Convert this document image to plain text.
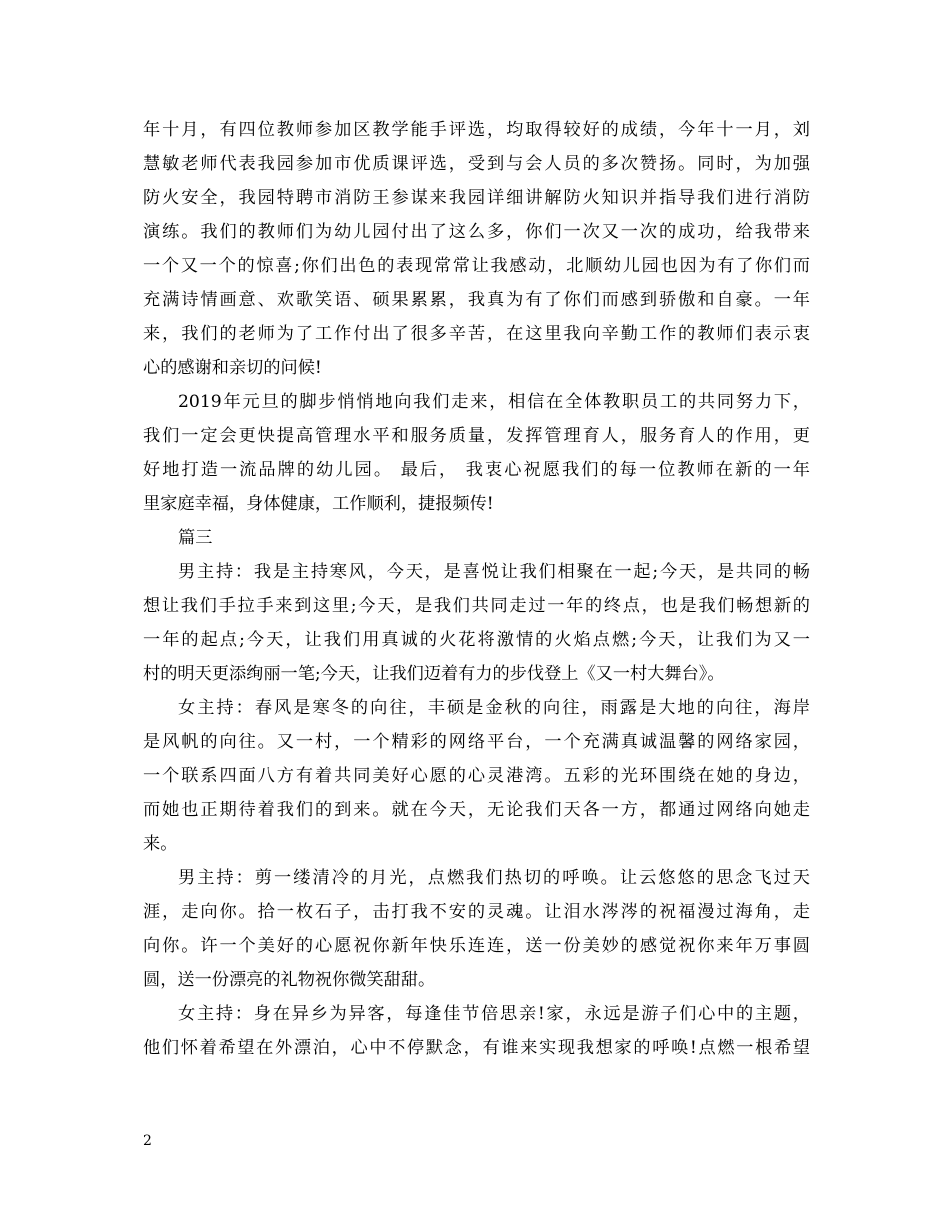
年十月，有四位教师参加区教学能手评选，均取得较好的成绩，今年十一月，刘
慧敏老师代表我园参加市优质课评选，受到与会人员的多次赞扬。同时，为加强
防火安全，我园特聘市消防王参谋来我园详细讲解防火知识并指导我们进行消防
演练。我们的教师们为幼儿园付出了这么多，你们一次又一次的成功，给我带来
一个又一个的惊喜;你们出色的表现常常让我感动，北顺幼儿园也因为有了你们而
充满诗情画意、欢歌笑语、硕果累累，我真为有了你们而感到骄傲和自豪。一年
来，我们的老师为了工作付出了很多辛苦，在这里我向辛勤工作的教师们表示衷
心的感谢和亲切的问候!
2019年元旦的脚步悄悄地向我们走来，相信在全体教职员工的共同努力下，
我们一定会更快提高管理水平和服务质量，发挥管理育人，服务育人的作用，更
好地打造一流品牌的幼儿园。 最后， 我衷心祝愿我们的每一位教师在新的一年
里家庭幸福，身体健康，工作顺利，捷报频传!
篇三
男主持：我是主持寒风，今天，是喜悦让我们相聚在一起;今天，是共同的畅
想让我们手拉手来到这里;今天，是我们共同走过一年的终点，也是我们畅想新的
一年的起点;今天，让我们用真诚的火花将激情的火焰点燃;今天，让我们为又一
村的明天更添绚丽一笔;今天，让我们迈着有力的步伐登上《又一村大舞台》。
女主持：春风是寒冬的向往，丰硕是金秋的向往，雨露是大地的向往，海岸
是风帆的向往。又一村，一个精彩的网络平台，一个充满真诚温馨的网络家园，
一个联系四面八方有着共同美好心愿的心灵港湾。五彩的光环围绕在她的身边，
而她也正期待着我们的到来。就在今天，无论我们天各一方，都通过网络向她走
来。
男主持：剪一缕清冷的月光，点燃我们热切的呼唤。让云悠悠的思念飞过天
涯，走向你。拾一枚石子，击打我不安的灵魂。让泪水涔涔的祝福漫过海角，走
向你。许一个美好的心愿祝你新年快乐连连，送一份美妙的感觉祝你来年万事圆
圆，送一份漂亮的礼物祝你微笑甜甜。
女主持：身在异乡为异客，每逢佳节倍思亲!家，永远是游子们心中的主题，
他们怀着希望在外漂泊，心中不停默念，有谁来实现我想家的呼唤!点燃一根希望
2
